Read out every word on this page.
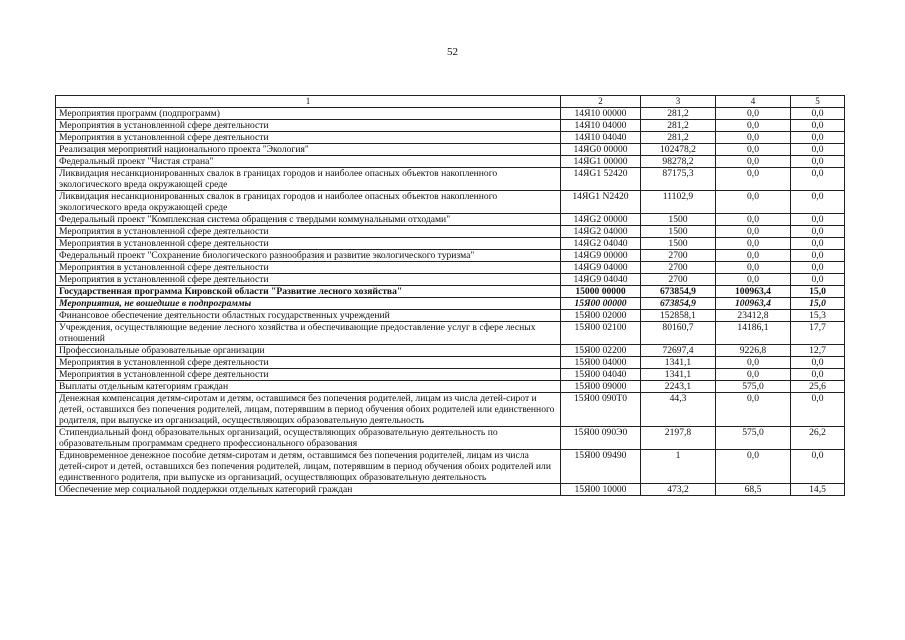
52
1	2	3	4	5
Мероприятия программ (подпрограмм)	14Я10 00000	281,2	0,0	0,0
Мероприятия в установленной сфере деятельности	14Я10 04000	281,2	0,0	0,0
Мероприятия в установленной сфере деятельности	14Я10 04040	281,2	0,0	0,0
Реализация мероприятий национального проекта "Экология"	14ЯG0 00000	102478,2	0,0	0,0
Федеральный проект "Чистая страна"	14ЯG1 00000	98278,2	0,0	0,0
Ликвидация несанкционированных свалок в границах городов и наиболее опасных объектов накопленного экологического вреда окружающей среде	14ЯG1 52420	87175,3	0,0	0,0
Ликвидация несанкционированных свалок в границах городов и наиболее опасных объектов накопленного экологического вреда окружающей среде	14ЯG1 N2420	11102,9	0,0	0,0
Федеральный проект "Комплексная система обращения с твердыми коммунальными отходами"	14ЯG2 00000	1500	0,0	0,0
Мероприятия в установленной сфере деятельности	14ЯG2 04000	1500	0,0	0,0
Мероприятия в установленной сфере деятельности	14ЯG2 04040	1500	0,0	0,0
Федеральный проект "Сохранение биологического разнообразия и развитие экологического туризма"	14ЯG9 00000	2700	0,0	0,0
Мероприятия в установленной сфере деятельности	14ЯG9 04000	2700	0,0	0,0
Мероприятия в установленной сфере деятельности	14ЯG9 04040	2700	0,0	0,0
Государственная программа Кировской области "Развитие лесного хозяйства"	15000 00000	673854,9	100963,4	15,0
Мероприятия, не вошедшие в подпрограммы	15Я00 00000	673854,9	100963,4	15,0
Финансовое обеспечение деятельности областных государственных учреждений	15Я00 02000	152858,1	23412,8	15,3
Учреждения, осуществляющие ведение лесного хозяйства и обеспечивающие предоставление услуг в сфере лесных отношений	15Я00 02100	80160,7	14186,1	17,7
Профессиональные образовательные организации	15Я00 02200	72697,4	9226,8	12,7
Мероприятия в установленной сфере деятельности	15Я00 04000	1341,1	0,0	0,0
Мероприятия в установленной сфере деятельности	15Я00 04040	1341,1	0,0	0,0
Выплаты отдельным категориям граждан	15Я00 09000	2243,1	575,0	25,6
Денежная компенсация детям-сиротам и детям, оставшимся без попечения родителей, лицам из числа детей-сирот и детей, оставшихся без попечения родителей, лицам, потерявшим в период обучения обоих родителей или единственного родителя, при выпуске из организаций, осуществляющих образовательную деятельность	15Я00 090Т0	44,3	0,0	0,0
Стипендиальный фонд образовательных организаций, осуществляющих образовательную деятельность по образовательным программам среднего профессионального образования	15Я00 090Э0	2197,8	575,0	26,2
Единовременное денежное пособие детям-сиротам и детям, оставшимся без попечения родителей, лицам из числа детей-сирот и детей, оставшихся без попечения родителей, лицам, потерявшим в период обучения обоих родителей или единственного родителя, при выпуске из организаций, осуществляющих образовательную деятельность	15Я00 09490	1	0,0	0,0
Обеспечение мер социальной поддержки отдельных категорий граждан	15Я00 10000	473,2	68,5	14,5
